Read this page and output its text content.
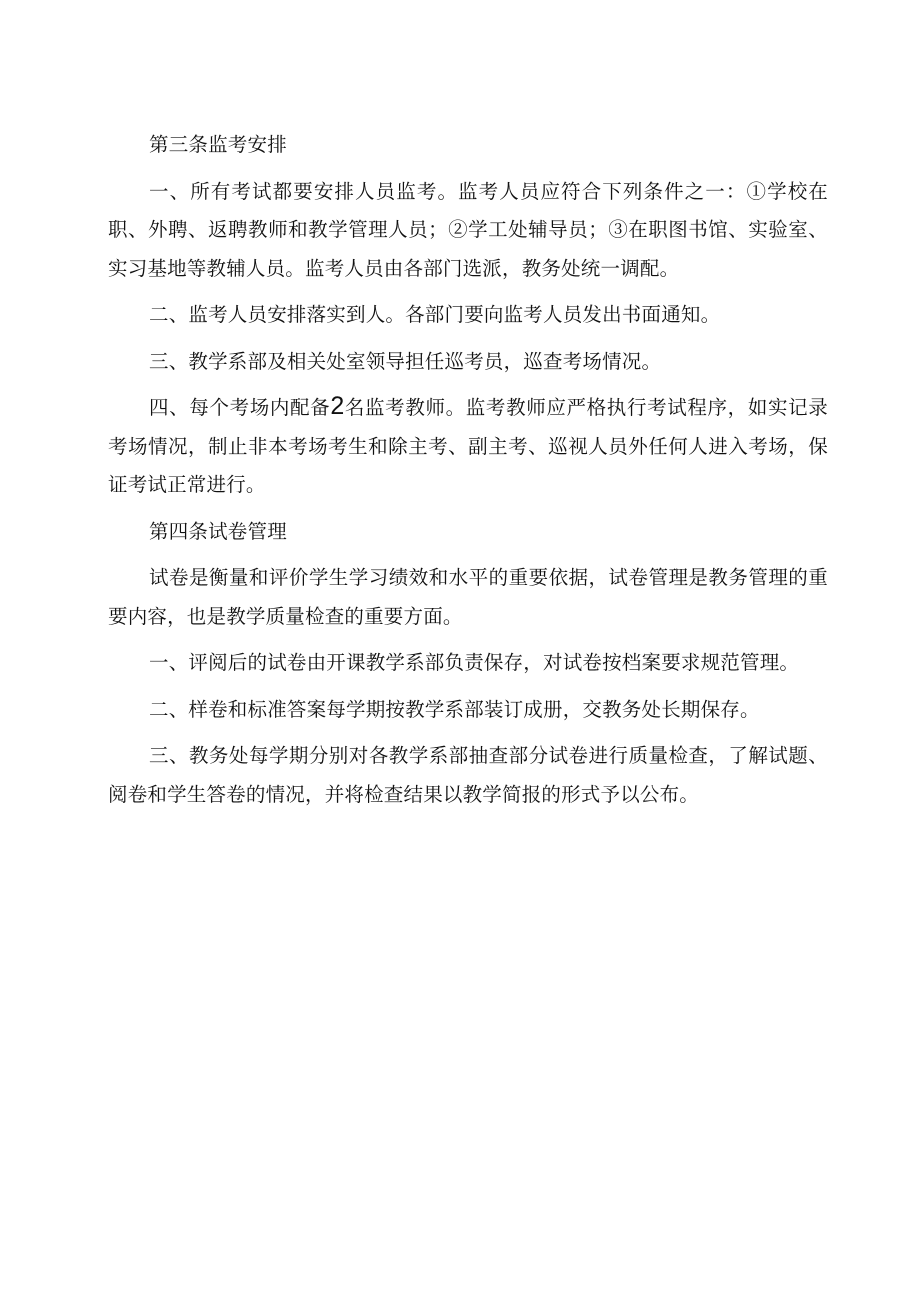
第三条监考安排

一、所有考试都要安排人员监考。监考人员应符合下列条件之一：①学校在职、外聘、返聘教师和教学管理人员；②学工处辅导员；③在职图书馆、实验室、实习基地等教辅人员。监考人员由各部门选派，教务处统一调配。

二、监考人员安排落实到人。各部门要向监考人员发出书面通知。

三、教学系部及相关处室领导担任巡考员，巡查考场情况。

四、每个考场内配备2名监考教师。监考教师应严格执行考试程序，如实记录考场情况，制止非本考场考生和除主考、副主考、巡视人员外任何人进入考场，保证考试正常进行。

第四条试卷管理

试卷是衡量和评价学生学习绩效和水平的重要依据，试卷管理是教务管理的重要内容，也是教学质量检查的重要方面。

一、评阅后的试卷由开课教学系部负责保存，对试卷按档案要求规范管理。

二、样卷和标准答案每学期按教学系部装订成册，交教务处长期保存。

三、教务处每学期分别对各教学系部抽查部分试卷进行质量检查，了解试题、阅卷和学生答卷的情况，并将检查结果以教学简报的形式予以公布。
